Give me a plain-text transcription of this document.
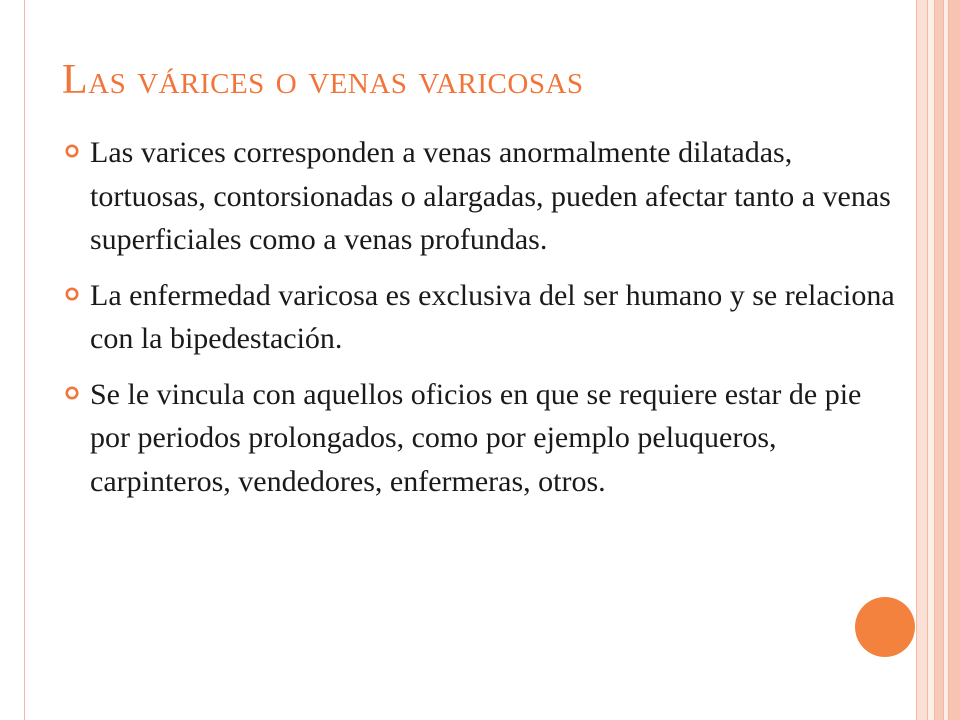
Las várices o venas varicosas
Las varices corresponden a venas anormalmente dilatadas, tortuosas, contorsionadas o alargadas, pueden afectar tanto a venas superficiales como a venas profundas.
La enfermedad varicosa es exclusiva del ser humano y se relaciona con la bipedestación.
Se le vincula con aquellos oficios en que se requiere estar de pie por periodos prolongados, como por ejemplo peluqueros, carpinteros, vendedores, enfermeras, otros.
